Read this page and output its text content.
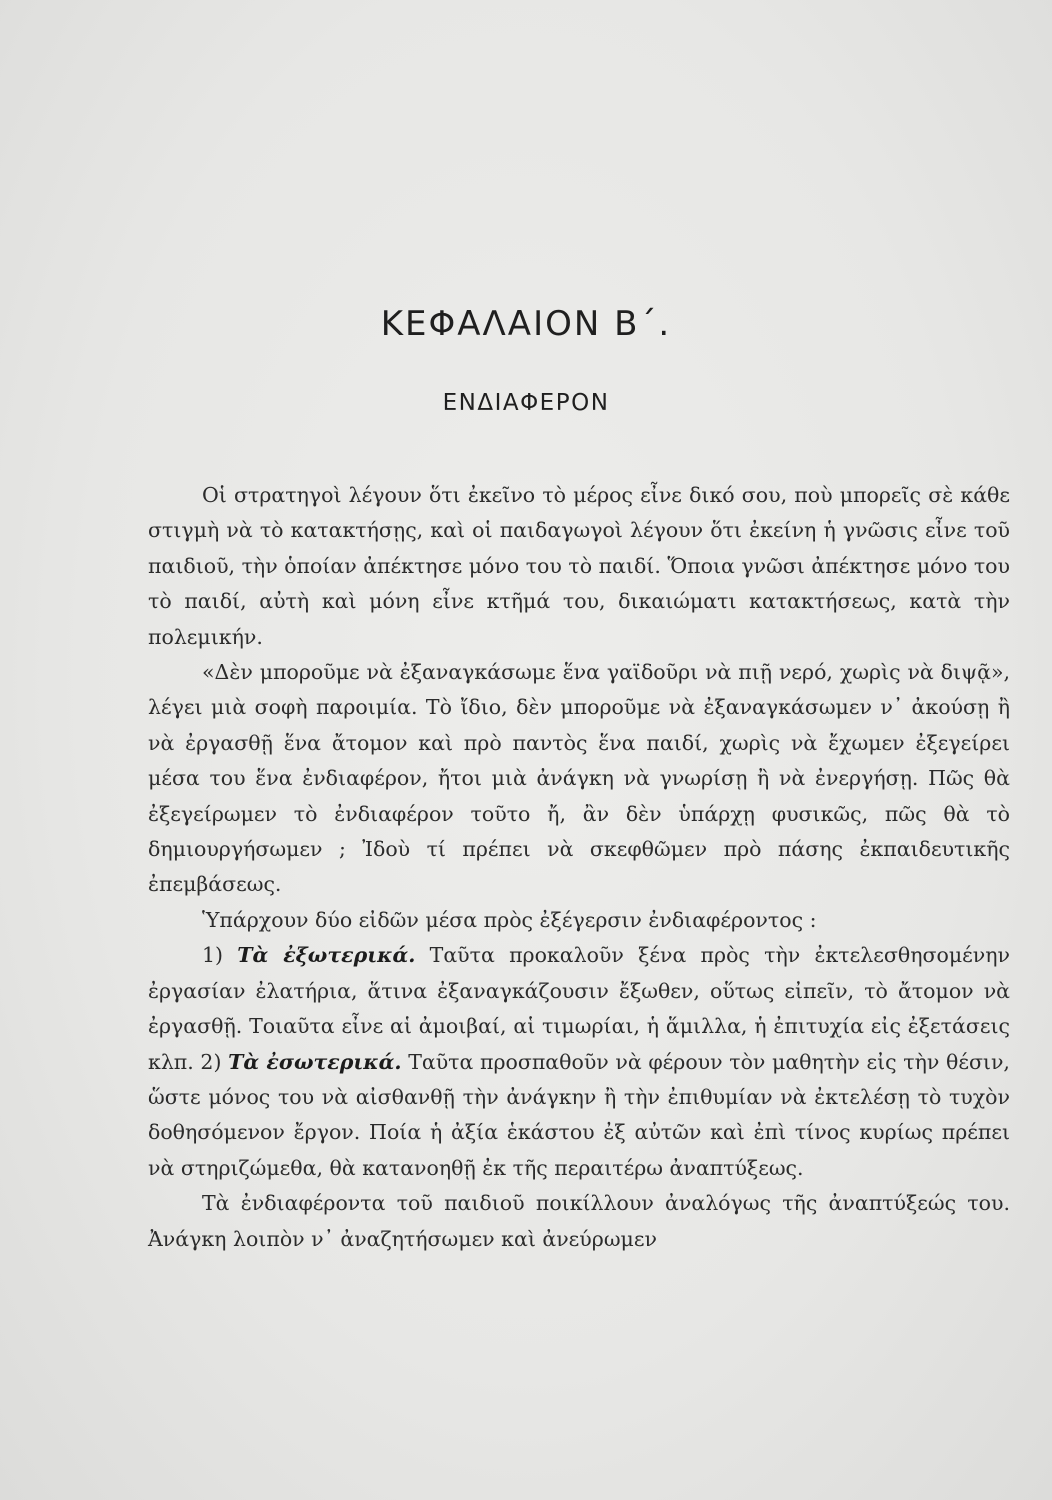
ΚΕΦΑΛΑΙΟΝ Β΄.
ΕΝΔΙΑΦΕΡΟΝ

Οἱ στρατηγοὶ λέγουν ὅτι ἐκεῖνο τὸ μέρος εἶνε δικό σου, ποὺ μπορεῖς σὲ κάθε στιγμὴ νὰ τὸ κατακτήσῃς, καὶ οἱ παιδαγωγοὶ λέγουν ὅτι ἐκείνη ἡ γνῶσις εἶνε τοῦ παιδιοῦ, τὴν ὁποίαν ἀπέκτησε μόνο του τὸ παιδί. Ὅποια γνῶσι ἀπέκτησε μόνο του τὸ παιδί, αὐτὴ καὶ μόνη εἶνε κτῆμά του, δικαιώματι κατακτήσεως, κατὰ τὴν πολεμικήν.

«Δὲν μποροῦμε νὰ ἐξαναγκάσωμε ἕνα γαϊδοῦρι νὰ πιῇ νερό, χωρὶς νὰ διψᾷ», λέγει μιὰ σοφὴ παροιμία. Τὸ ἴδιο, δὲν μποροῦμε νὰ ἐξαναγκάσωμεν ν᾿ ἀκούσῃ ἢ νὰ ἐργασθῇ ἕνα ἄτομον καὶ πρὸ παντὸς ἕνα παιδί, χωρὶς νὰ ἔχωμεν ἐξεγείρει μέσα του ἕνα ἐνδιαφέρον, ἤτοι μιὰ ἀνάγκη νὰ γνωρίσῃ ἢ νὰ ἐνεργήσῃ. Πῶς θὰ ἐξεγείρωμεν τὸ ἐνδιαφέρον τοῦτο ἤ, ἂν δὲν ὑπάρχῃ φυσικῶς, πῶς θὰ τὸ δημιουργήσωμεν ; Ἰδοὺ τί πρέπει νὰ σκεφθῶμεν πρὸ πάσης ἐκπαιδευτικῆς ἐπεμβάσεως.

Ὑπάρχουν δύο εἰδῶν μέσα πρὸς ἐξέγερσιν ἐνδιαφέροντος :

1) Τὰ ἐξωτερικά. Ταῦτα προκαλοῦν ξένα πρὸς τὴν ἐκτελεσθησομένην ἐργασίαν ἐλατήρια, ἅτινα ἐξαναγκάζουσιν ἔξωθεν, οὕτως εἰπεῖν, τὸ ἄτομον νὰ ἐργασθῇ. Τοιαῦτα εἶνε αἱ ἀμοιβαί, αἱ τιμωρίαι, ἡ ἅμιλλα, ἡ ἐπιτυχία εἰς ἐξετάσεις κλπ. 2) Τὰ ἐσωτερικά. Ταῦτα προσπαθοῦν νὰ φέρουν τὸν μαθητὴν εἰς τὴν θέσιν, ὥστε μόνος του νὰ αἰσθανθῇ τὴν ἀνάγκην ἢ τὴν ἐπιθυμίαν νὰ ἐκτελέσῃ τὸ τυχὸν δοθησόμενον ἔργον. Ποία ἡ ἀξία ἑκάστου ἐξ αὐτῶν καὶ ἐπὶ τίνος κυρίως πρέπει νὰ στηριζώμεθα, θὰ κατανοηθῇ ἐκ τῆς περαιτέρω ἀναπτύξεως.

Τὰ ἐνδιαφέροντα τοῦ παιδιοῦ ποικίλλουν ἀναλόγως τῆς ἀναπτύξεώς του. Ἀνάγκη λοιπὸν ν᾿ ἀναζητήσωμεν καὶ ἀνεύρωμεν
